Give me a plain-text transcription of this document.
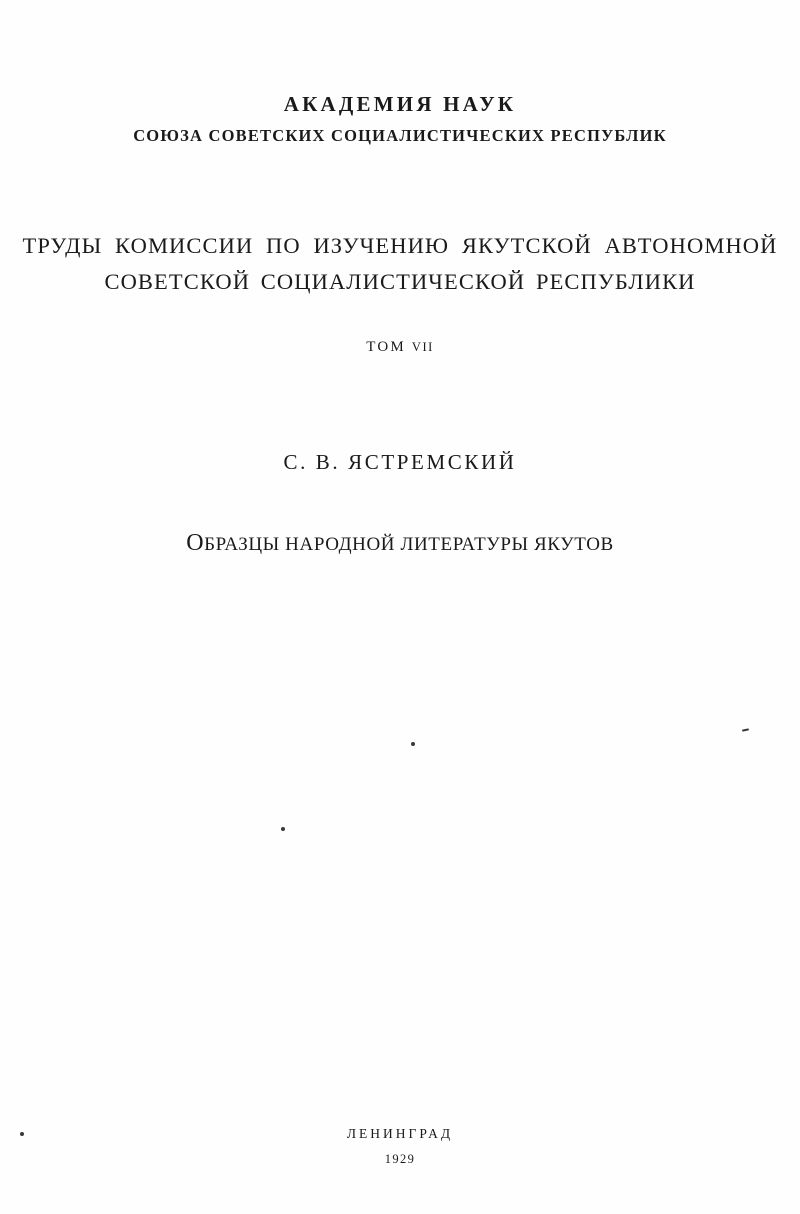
АКАДЕМИЯ НАУК
СОЮЗА СОВЕТСКИХ СОЦИАЛИСТИЧЕСКИХ РЕСПУБЛИК
ТРУДЫ КОМИССИИ ПО ИЗУЧЕНИЮ ЯКУТСКОЙ АВТОНОМНОЙ
СОВЕТСКОЙ СОЦИАЛИСТИЧЕСКОЙ РЕСПУБЛИКИ
ТОМ VII
С. В. ЯСТРЕМСКИЙ
ОБРАЗЦЫ НАРОДНОЙ ЛИТЕРАТУРЫ ЯКУТОВ
ЛЕНИНГРАД
1929
